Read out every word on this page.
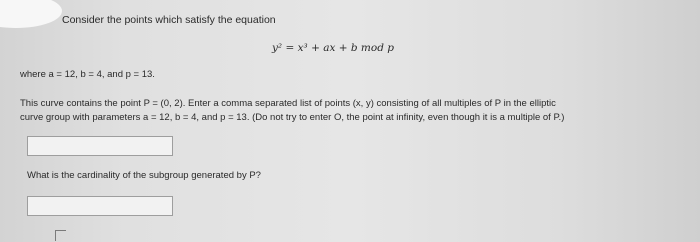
Consider the points which satisfy the equation
y² = x³ + ax + b mod p
where a = 12, b = 4, and p = 13.
This curve contains the point P = (0, 2). Enter a comma separated list of points (x, y) consisting of all multiples of P in the elliptic
curve group with parameters a = 12, b = 4, and p = 13. (Do not try to enter O, the point at infinity, even though it is a multiple of P.)
What is the cardinality of the subgroup generated by P?
